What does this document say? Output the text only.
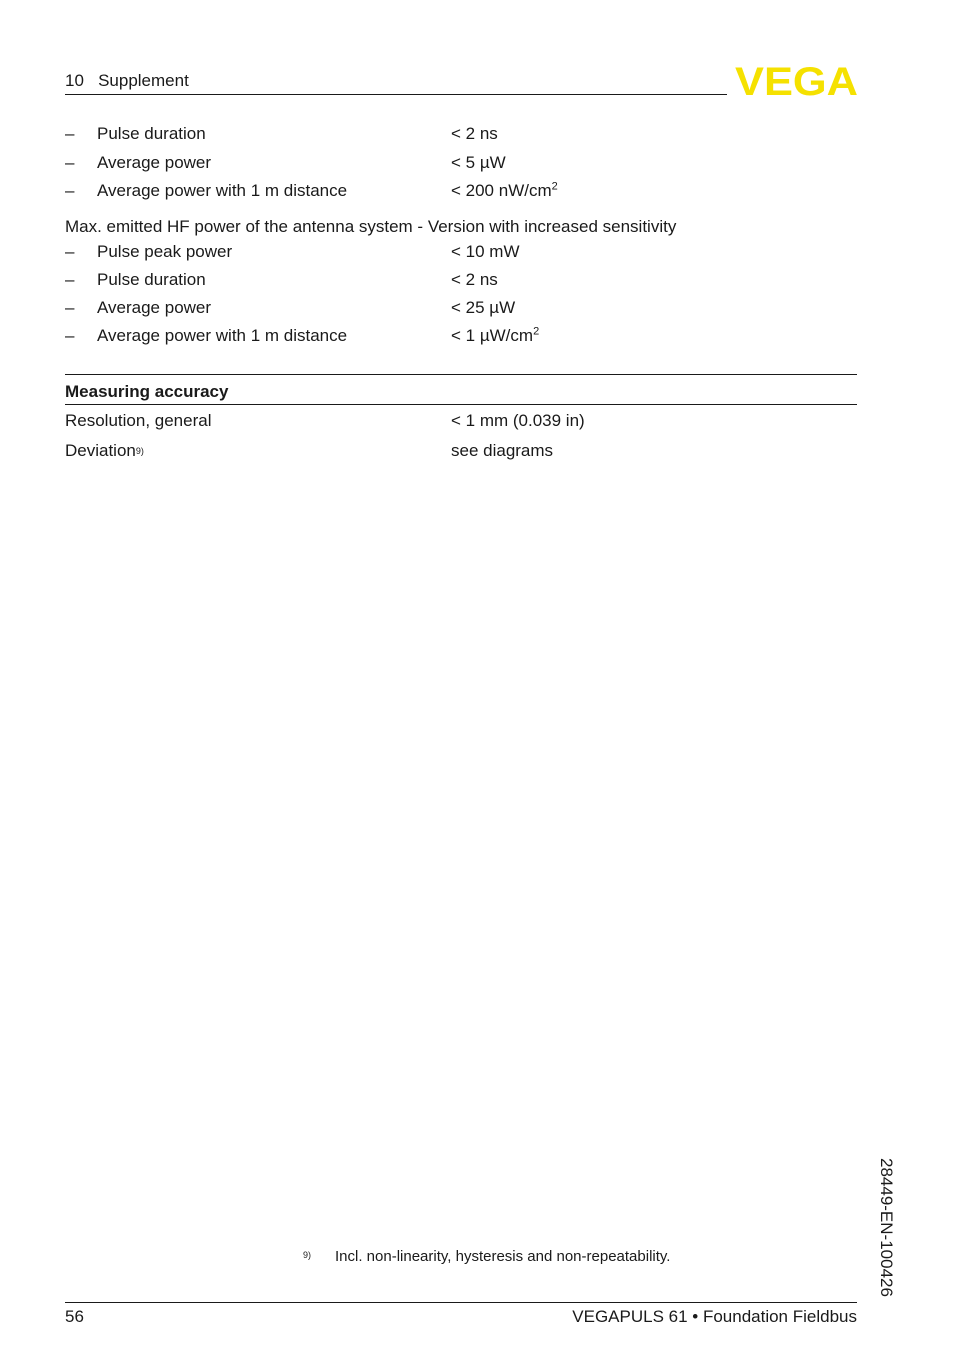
10   Supplement	VEGA
– Pulse duration	< 2 ns
– Average power	< 5 µW
– Average power with 1 m distance	< 200 $nW/cm^2$
Max. emitted HF power of the antenna system - Version with increased sensitivity
– Pulse peak power	< 10 mW
– Pulse duration	< 2 ns
– Average power	< 25 µW
– Average power with 1 m distance	< 1 $\mu W/cm^2$
Measuring accuracy
Resolution, general	< 1 mm (0.039 in)
Deviation9)	see diagrams
9) Incl. non-linearity, hysteresis and non-repeatability.	28449-EN-100426
56	VEGAPULS 61 • Foundation Fieldbus
